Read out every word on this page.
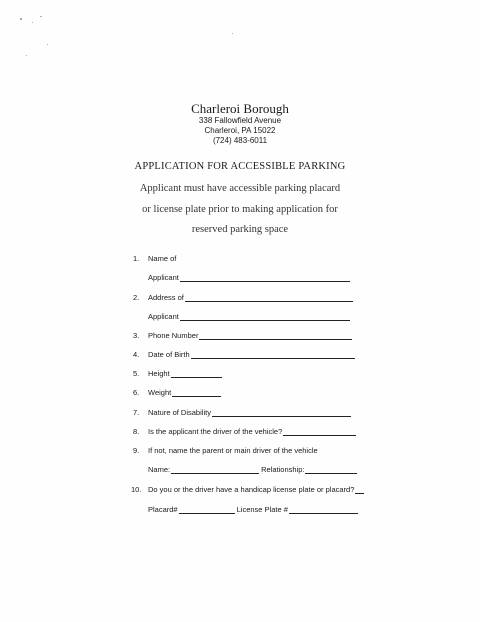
Charleroi Borough
338 Fallowfield Avenue
Charleroi, PA 15022
(724) 483-6011
APPLICATION FOR ACCESSIBLE PARKING
Applicant must have accessible parking placard
or license plate prior to making application for
reserved parking space
1. Name of
Applicant
2. Address of
Applicant
3. Phone Number
4. Date of Birth
5. Height
6. Weight
7. Nature of Disability
8. Is the applicant the driver of the vehicle?
9. If not, name the parent or main driver of the vehicle
Name:	Relationship:
10. Do you or the driver have a handicap license plate or placard?
Placard#	License Plate #
